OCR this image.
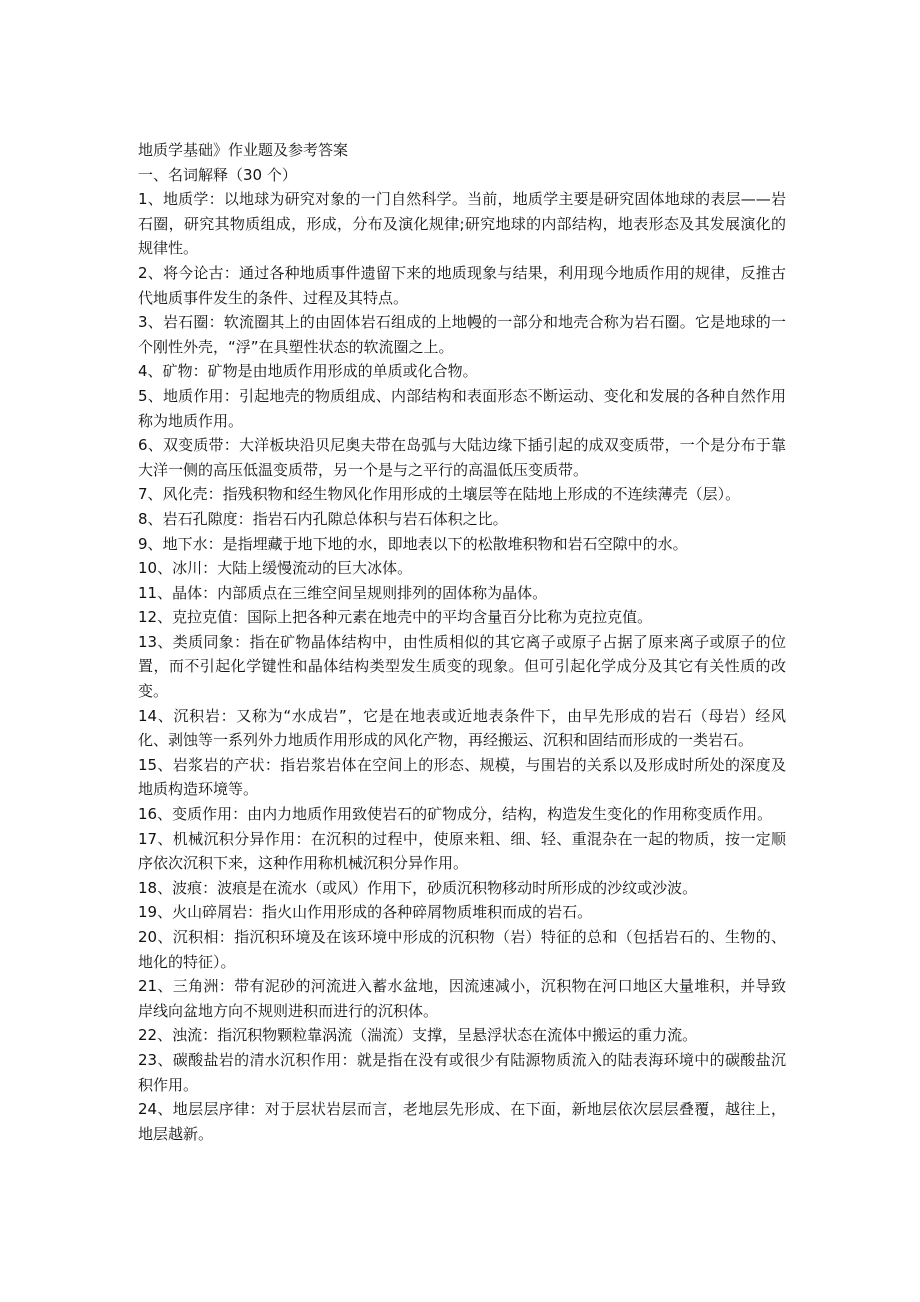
地质学基础》作业题及参考答案
一、名词解释（30 个）
1、地质学：以地球为研究对象的一门自然科学。当前，地质学主要是研究固体地球的表层——岩石圈，研究其物质组成，形成，分布及演化规律;研究地球的内部结构，地表形态及其发展演化的规律性。
2、将今论古：通过各种地质事件遗留下来的地质现象与结果，利用现今地质作用的规律，反推古代地质事件发生的条件、过程及其特点。
3、岩石圈：软流圈其上的由固体岩石组成的上地幔的一部分和地壳合称为岩石圈。它是地球的一个刚性外壳，“浮”在具塑性状态的软流圈之上。
4、矿物：矿物是由地质作用形成的单质或化合物。
5、地质作用：引起地壳的物质组成、内部结构和表面形态不断运动、变化和发展的各种自然作用称为地质作用。
6、双变质带：大洋板块沿贝尼奥夫带在岛弧与大陆边缘下插引起的成双变质带，一个是分布于靠大洋一侧的高压低温变质带，另一个是与之平行的高温低压变质带。
7、风化壳：指残积物和经生物风化作用形成的土壤层等在陆地上形成的不连续薄壳（层）。
8、岩石孔隙度：指岩石内孔隙总体积与岩石体积之比。
9、地下水：是指埋藏于地下地的水，即地表以下的松散堆积物和岩石空隙中的水。
10、冰川：大陆上缓慢流动的巨大冰体。
11、晶体：内部质点在三维空间呈规则排列的固体称为晶体。
12、克拉克值：国际上把各种元素在地壳中的平均含量百分比称为克拉克值。
13、类质同象：指在矿物晶体结构中，由性质相似的其它离子或原子占据了原来离子或原子的位置，而不引起化学键性和晶体结构类型发生质变的现象。但可引起化学成分及其它有关性质的改变。
14、沉积岩：又称为“水成岩”，它是在地表或近地表条件下，由早先形成的岩石（母岩）经风化、剥蚀等一系列外力地质作用形成的风化产物，再经搬运、沉积和固结而形成的一类岩石。
15、岩浆岩的产状：指岩浆岩体在空间上的形态、规模，与围岩的关系以及形成时所处的深度及地质构造环境等。
16、变质作用：由内力地质作用致使岩石的矿物成分，结构，构造发生变化的作用称变质作用。
17、机械沉积分异作用：在沉积的过程中，使原来粗、细、轻、重混杂在一起的物质，按一定顺序依次沉积下来，这种作用称机械沉积分异作用。
18、波痕：波痕是在流水（或风）作用下，砂质沉积物移动时所形成的沙纹或沙波。
19、火山碎屑岩：指火山作用形成的各种碎屑物质堆积而成的岩石。
20、沉积相：指沉积环境及在该环境中形成的沉积物（岩）特征的总和（包括岩石的、生物的、地化的特征）。
21、三角洲：带有泥砂的河流进入蓄水盆地，因流速减小，沉积物在河口地区大量堆积，并导致岸线向盆地方向不规则进积而进行的沉积体。
22、浊流：指沉积物颗粒靠涡流（湍流）支撑，呈悬浮状态在流体中搬运的重力流。
23、碳酸盐岩的清水沉积作用：就是指在没有或很少有陆源物质流入的陆表海环境中的碳酸盐沉积作用。
24、地层层序律：对于层状岩层而言，老地层先形成、在下面，新地层依次层层叠覆，越往上，地层越新。
